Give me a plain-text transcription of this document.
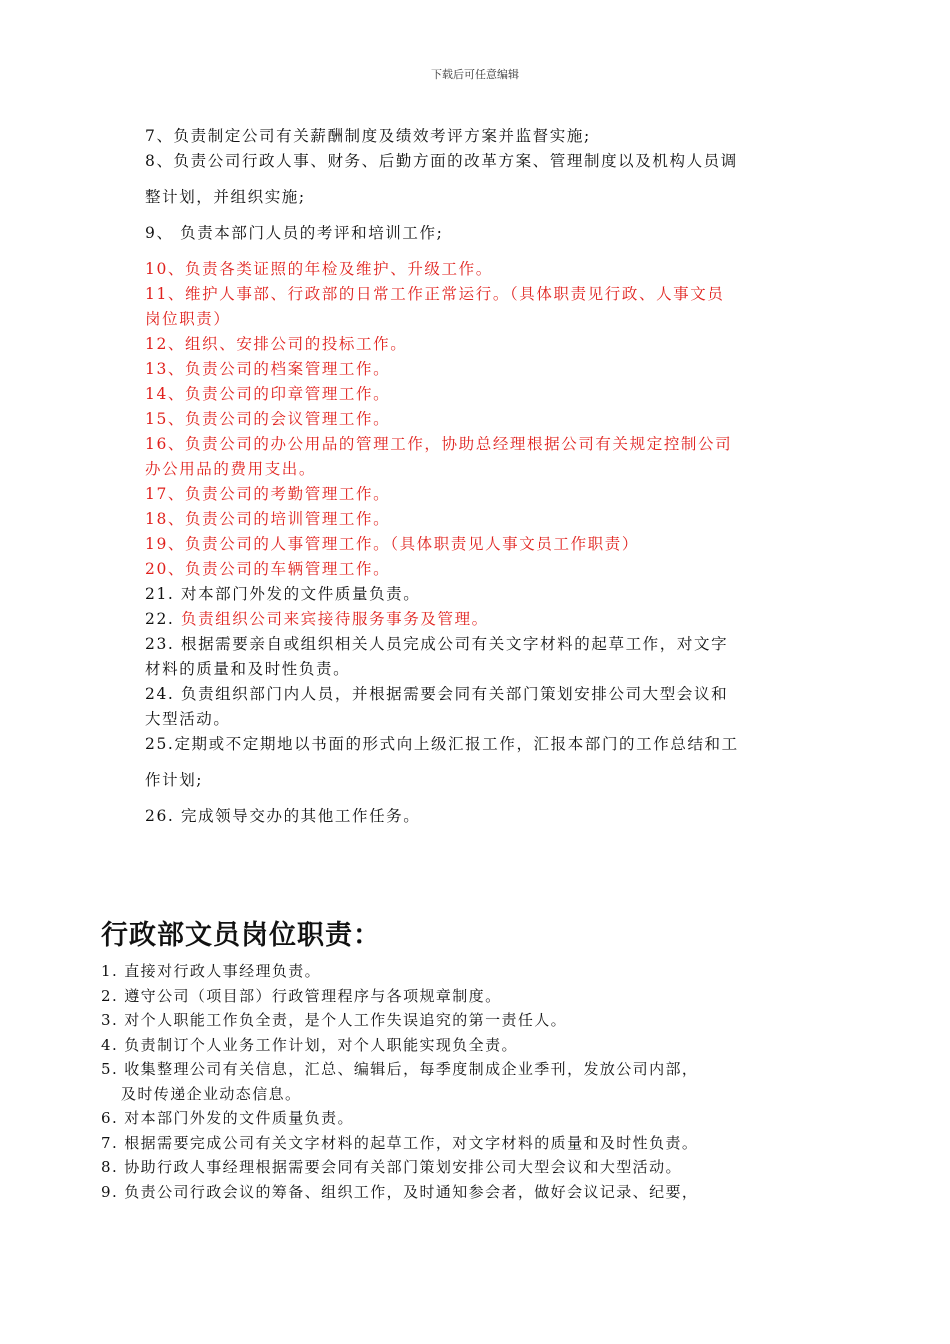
下载后可任意编辑
7、负责制定公司有关薪酬制度及绩效考评方案并监督实施;
8、负责公司行政人事、财务、后勤方面的改革方案、管理制度以及机构人员调
整计划，并组织实施;
9、 负责本部门人员的考评和培训工作;
10、负责各类证照的年检及维护、升级工作。
11、维护人事部、行政部的日常工作正常运行。（具体职责见行政、人事文员
岗位职责）
12、组织、安排公司的投标工作。
13、负责公司的档案管理工作。
14、负责公司的印章管理工作。
15、负责公司的会议管理工作。
16、负责公司的办公用品的管理工作，协助总经理根据公司有关规定控制公司
办公用品的费用支出。
17、负责公司的考勤管理工作。
18、负责公司的培训管理工作。
19、负责公司的人事管理工作。（具体职责见人事文员工作职责）
20、负责公司的车辆管理工作。
21. 对本部门外发的文件质量负责。
22. 负责组织公司来宾接待服务事务及管理。
23. 根据需要亲自或组织相关人员完成公司有关文字材料的起草工作，对文字
材料的质量和及时性负责。
24. 负责组织部门内人员，并根据需要会同有关部门策划安排公司大型会议和
大型活动。
25.定期或不定期地以书面的形式向上级汇报工作，汇报本部门的工作总结和工
作计划;
26. 完成领导交办的其他工作任务。
行政部文员岗位职责：
1. 直接对行政人事经理负责。
2. 遵守公司（项目部）行政管理程序与各项规章制度。
3. 对个人职能工作负全责，是个人工作失误追究的第一责任人。
4. 负责制订个人业务工作计划，对个人职能实现负全责。
5. 收集整理公司有关信息，汇总、编辑后，每季度制成企业季刊，发放公司内部，
及时传递企业动态信息。
6. 对本部门外发的文件质量负责。
7. 根据需要完成公司有关文字材料的起草工作，对文字材料的质量和及时性负责。
8. 协助行政人事经理根据需要会同有关部门策划安排公司大型会议和大型活动。
9. 负责公司行政会议的筹备、组织工作，及时通知参会者，做好会议记录、纪要，
